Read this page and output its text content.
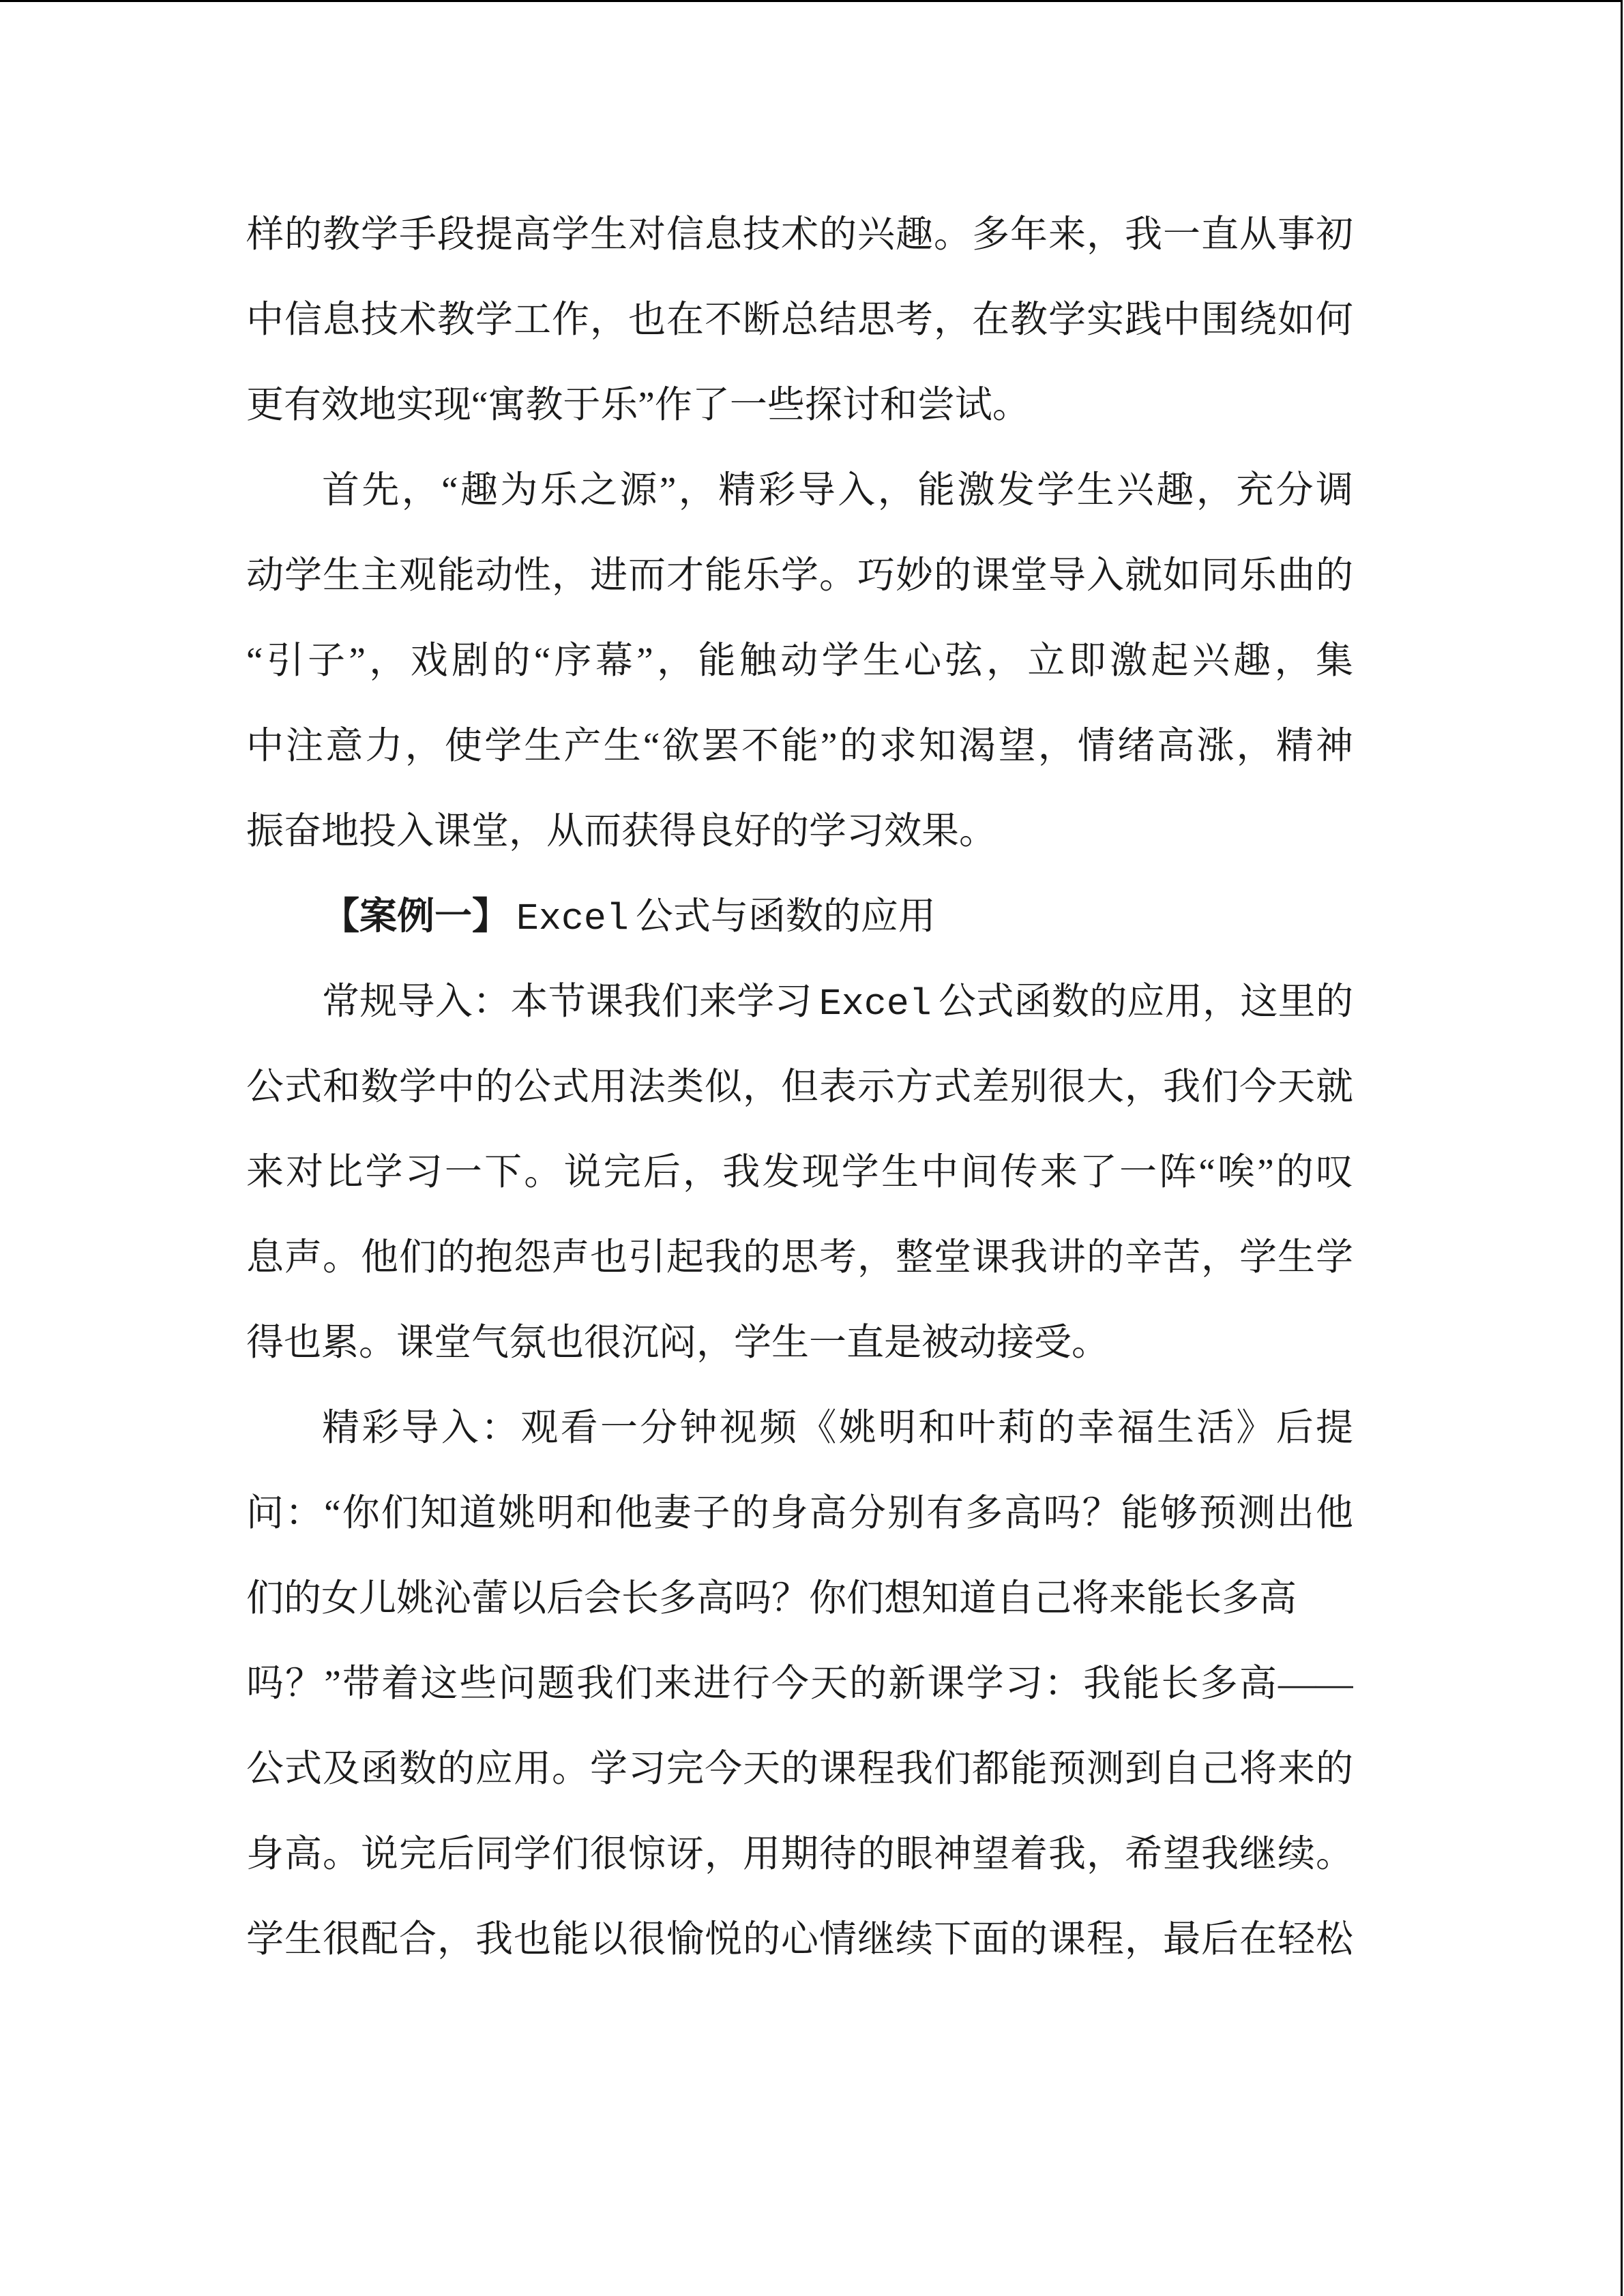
样的教学手段提高学生对信息技术的兴趣。多年来，我一直从事初
中信息技术教学工作，也在不断总结思考，在教学实践中围绕如何
更有效地实现“寓教于乐”作了一些探讨和尝试。
首先，“趣为乐之源”，精彩导入，能激发学生兴趣，充分调
动学生主观能动性，进而才能乐学。巧妙的课堂导入就如同乐曲的
“引子”，戏剧的“序幕”，能触动学生心弦，立即激起兴趣，集
中注意力，使学生产生“欲罢不能”的求知渴望，情绪高涨，精神
振奋地投入课堂，从而获得良好的学习效果。
【案例一】 Excel 公式与函数的应用
常规导入：本节课我们来学习 Excel 公式函数的应用，这里的
公式和数学中的公式用法类似，但表示方式差别很大，我们今天就
来对比学习一下。说完后，我发现学生中间传来了一阵“唉”的叹
息声。他们的抱怨声也引起我的思考，整堂课我讲的辛苦，学生学
得也累。课堂气氛也很沉闷，学生一直是被动接受。
精彩导入：观看一分钟视频《姚明和叶莉的幸福生活》后提
问：“你们知道姚明和他妻子的身高分别有多高吗？能够预测出他
们的女儿姚沁蕾以后会长多高吗？你们想知道自己将来能长多高
吗？”带着这些问题我们来进行今天的新课学习：我能长多高——
公式及函数的应用。学习完今天的课程我们都能预测到自己将来的
身高。说完后同学们很惊讶，用期待的眼神望着我，希望我继续。
学生很配合，我也能以很愉悦的心情继续下面的课程，最后在轻松
